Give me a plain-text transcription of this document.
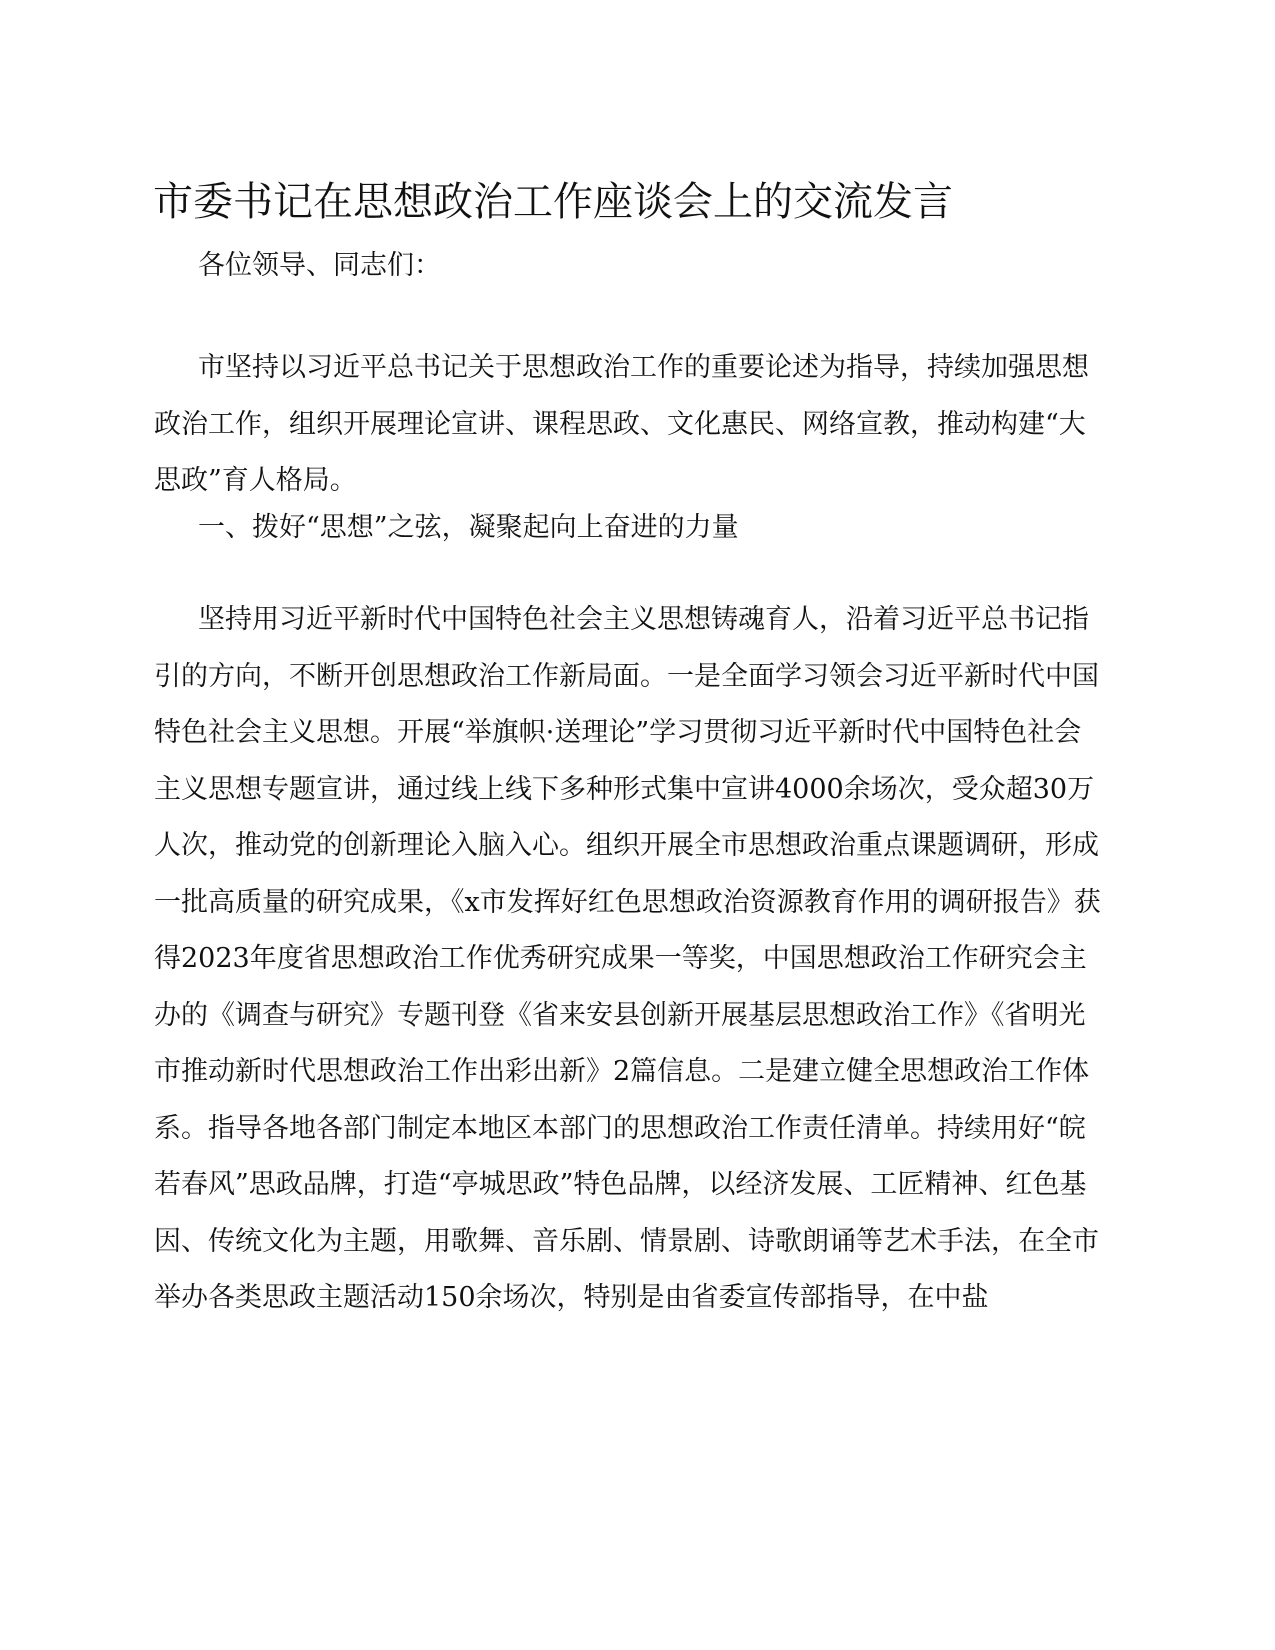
市委书记在思想政治工作座谈会上的交流发言

各位领导、同志们：

市坚持以习近平总书记关于思想政治工作的重要论述为指导，持续加强思想政治工作，组织开展理论宣讲、课程思政、文化惠民、网络宣教，推动构建“大思政”育人格局。

一、拨好“思想”之弦，凝聚起向上奋进的力量

坚持用习近平新时代中国特色社会主义思想铸魂育人，沿着习近平总书记指引的方向，不断开创思想政治工作新局面。一是全面学习领会习近平新时代中国特色社会主义思想。开展“举旗帜·送理论”学习贯彻习近平新时代中国特色社会主义思想专题宣讲，通过线上线下多种形式集中宣讲4000余场次，受众超30万人次，推动党的创新理论入脑入心。组织开展全市思想政治重点课题调研，形成一批高质量的研究成果，《x市发挥好红色思想政治资源教育作用的调研报告》获得2023年度省思想政治工作优秀研究成果一等奖，中国思想政治工作研究会主办的《调查与研究》专题刊登《省来安县创新开展基层思想政治工作》《省明光市推动新时代思想政治工作出彩出新》2篇信息。二是建立健全思想政治工作体系。指导各地各部门制定本地区本部门的思想政治工作责任清单。持续用好“皖若春风”思政品牌，打造“亭城思政”特色品牌，以经济发展、工匠精神、红色基因、传统文化为主题，用歌舞、音乐剧、情景剧、诗歌朗诵等艺术手法，在全市举办各类思政主题活动150余场次，特别是由省委宣传部指导，在中盐
